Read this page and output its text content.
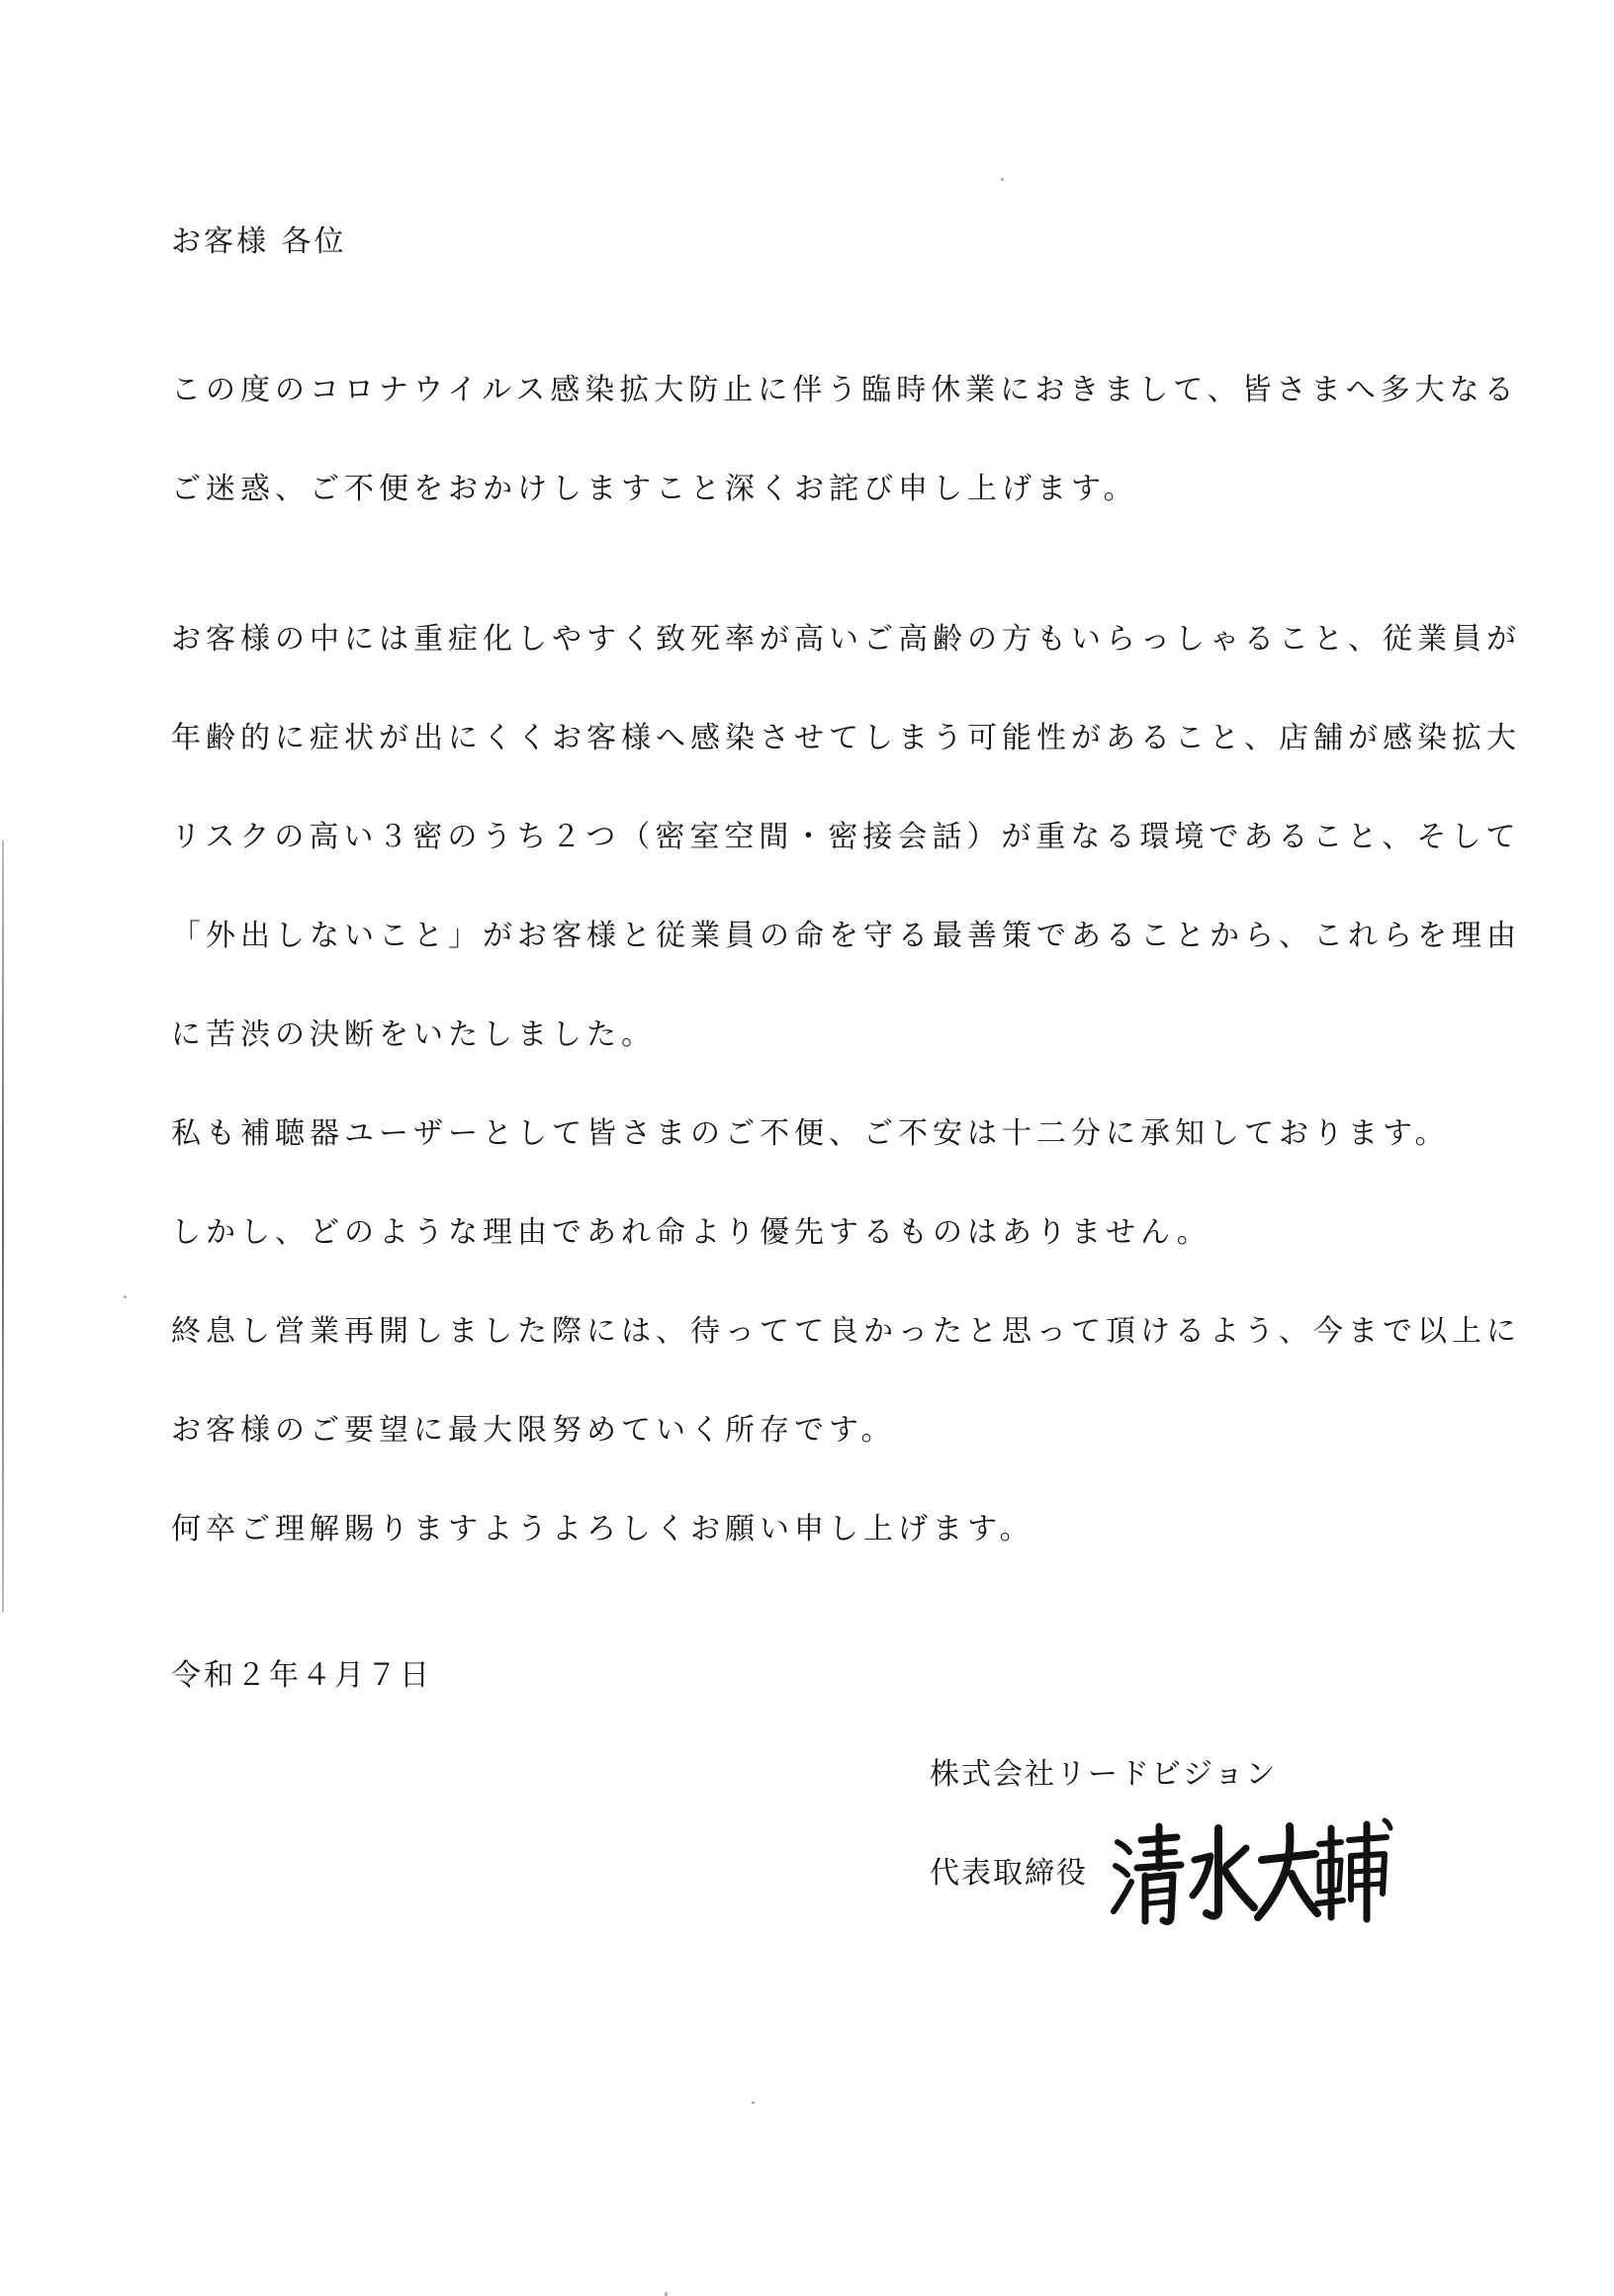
お客様 各位
この度のコロナウイルス感染拡大防止に伴う臨時休業におきまして、皆さまへ多大なる
ご迷惑、ご不便をおかけしますこと深くお詫び申し上げます。
お客様の中には重症化しやすく致死率が高いご高齢の方もいらっしゃること、従業員が
年齢的に症状が出にくくお客様へ感染させてしまう可能性があること、店舗が感染拡大
リスクの高い３密のうち２つ（密室空間・密接会話）が重なる環境であること、そして
「外出しないこと」がお客様と従業員の命を守る最善策であることから、これらを理由
に苦渋の決断をいたしました。
私も補聴器ユーザーとして皆さまのご不便、ご不安は十二分に承知しております。
しかし、どのような理由であれ命より優先するものはありません。
終息し営業再開しました際には、待ってて良かったと思って頂けるよう、今まで以上に
お客様のご要望に最大限努めていく所存です。
何卒ご理解賜りますようよろしくお願い申し上げます。
令和２年４月７日
株式会社リードビジョン
代表取締役
